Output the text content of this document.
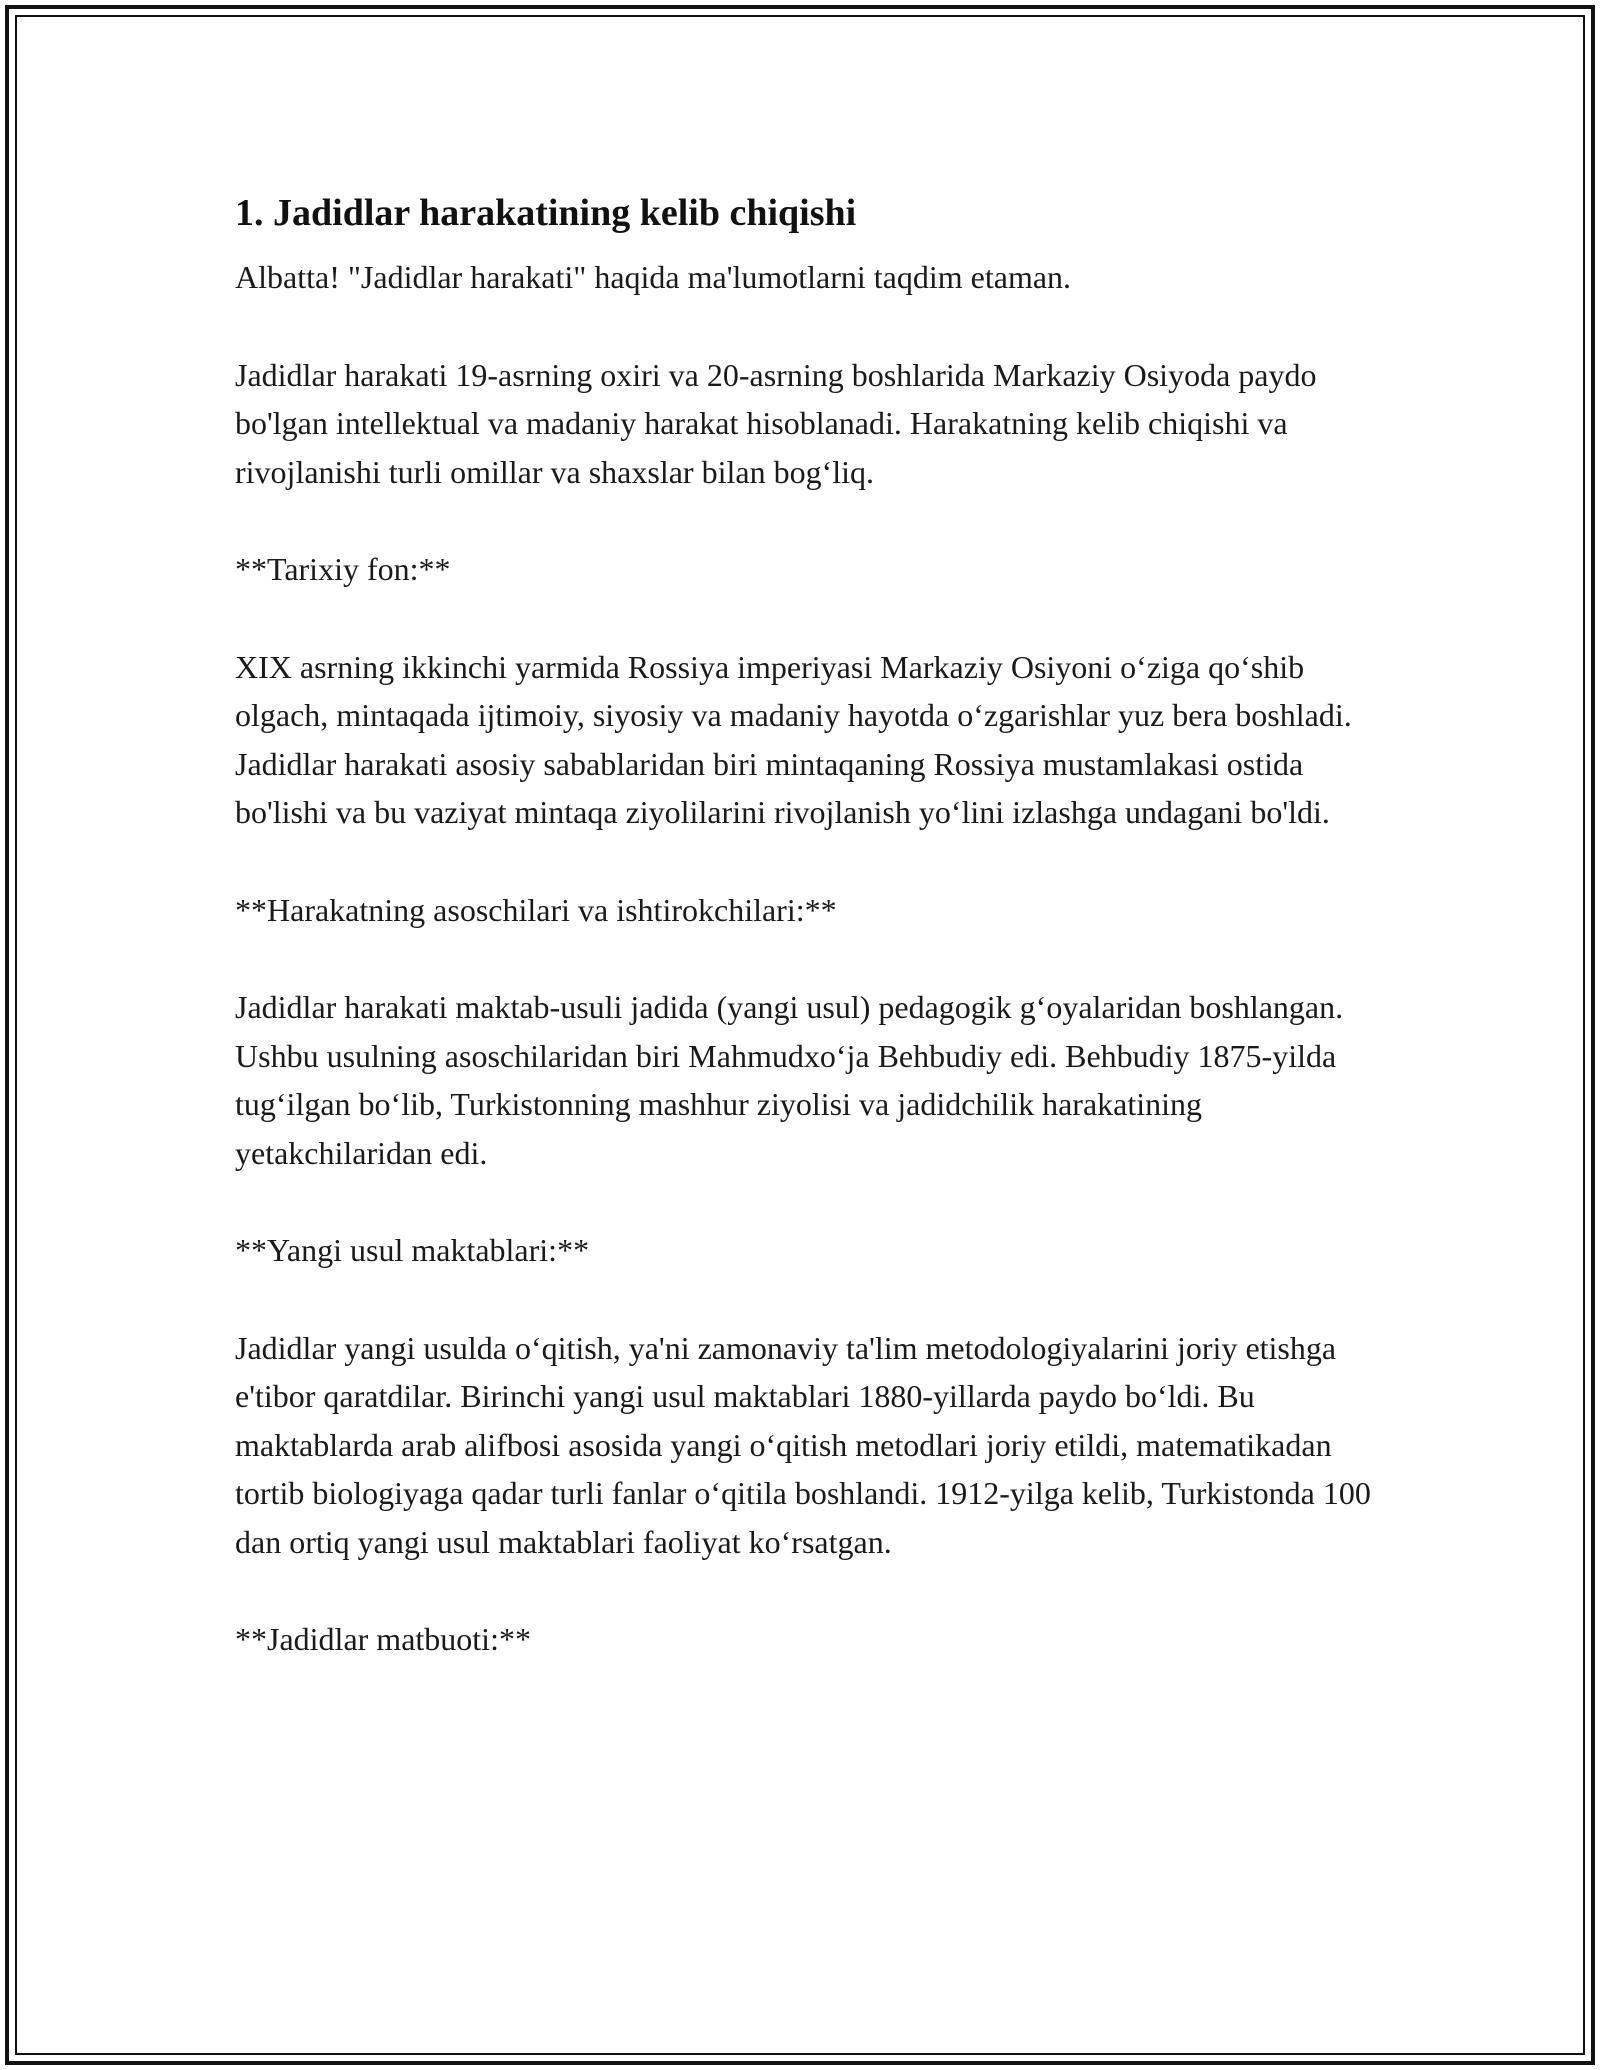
1. Jadidlar harakatining kelib chiqishi

Albatta! "Jadidlar harakati" haqida ma'lumotlarni taqdim etaman.

Jadidlar harakati 19-asrning oxiri va 20-asrning boshlarida Markaziy Osiyoda paydo bo'lgan intellektual va madaniy harakat hisoblanadi. Harakatning kelib chiqishi va rivojlanishi turli omillar va shaxslar bilan bog‘liq.

**Tarixiy fon:**

XIX asrning ikkinchi yarmida Rossiya imperiyasi Markaziy Osiyoni o‘ziga qo‘shib olgach, mintaqada ijtimoiy, siyosiy va madaniy hayotda o‘zgarishlar yuz bera boshladi. Jadidlar harakati asosiy sabablaridan biri mintaqaning Rossiya mustamlakasi ostida bo'lishi va bu vaziyat mintaqa ziyolilarini rivojlanish yo‘lini izlashga undagani bo'ldi.

**Harakatning asoschilari va ishtirokchilari:**

Jadidlar harakati maktab-usuli jadida (yangi usul) pedagogik g‘oyalaridan boshlangan. Ushbu usulning asoschilaridan biri Mahmudxo‘ja Behbudiy edi. Behbudiy 1875-yilda tug‘ilgan bo‘lib, Turkistonning mashhur ziyolisi va jadidchilik harakatining yetakchilaridan edi.

**Yangi usul maktablari:**

Jadidlar yangi usulda o‘qitish, ya'ni zamonaviy ta'lim metodologiyalarini joriy etishga e'tibor qaratdilar. Birinchi yangi usul maktablari 1880-yillarda paydo bo‘ldi. Bu maktablarda arab alifbosi asosida yangi o‘qitish metodlari joriy etildi, matematikadan tortib biologiyaga qadar turli fanlar o‘qitila boshlandi. 1912-yilga kelib, Turkistonda 100 dan ortiq yangi usul maktablari faoliyat ko‘rsatgan.

**Jadidlar matbuoti:**
